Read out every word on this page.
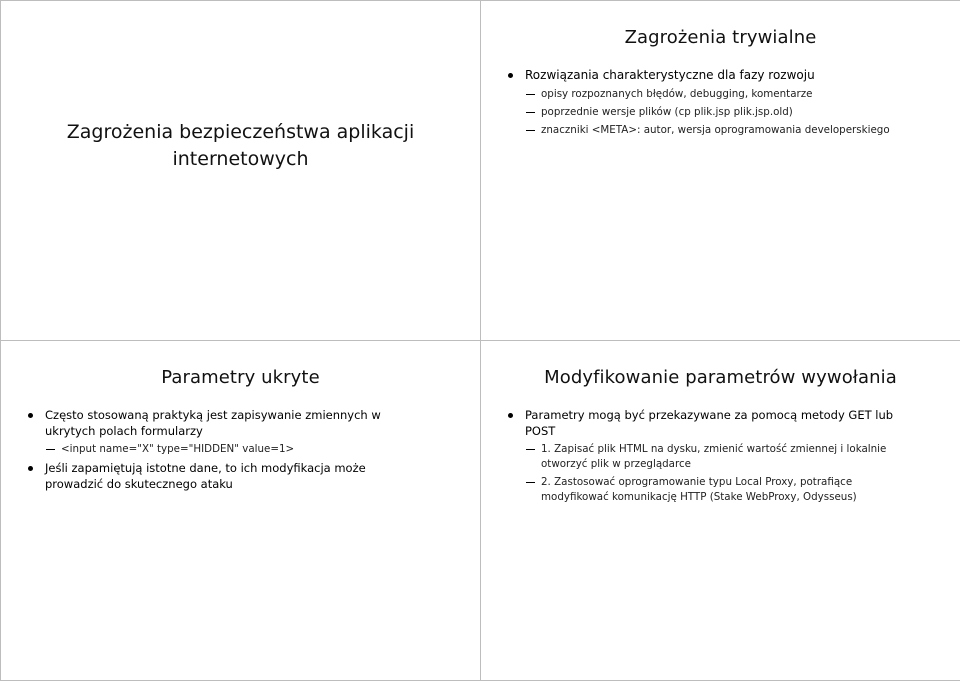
Zagrożenia bezpieczeństwa aplikacji
internetowych
Zagrożenia trywialne
Rozwiązania charakterystyczne dla fazy rozwoju
opisy rozpoznanych błędów, debugging, komentarze
poprzednie wersje plików (cp plik.jsp plik.jsp.old)
znaczniki <META>: autor, wersja oprogramowania developerskiego
Parametry ukryte
Często stosowaną praktyką jest zapisywanie zmiennych w ukrytych polach formularzy
<input name="X" type="HIDDEN" value=1>
Jeśli zapamiętują istotne dane, to ich modyfikacja może prowadzić do skutecznego ataku
Modyfikowanie parametrów wywołania
Parametry mogą być przekazywane za pomocą metody GET lub POST
1. Zapisać plik HTML na dysku, zmienić wartość zmiennej i lokalnie otworzyć plik w przeglądarce
2. Zastosować oprogramowanie typu Local Proxy, potrafiące modyfikować komunikację HTTP (Stake WebProxy, Odysseus)
